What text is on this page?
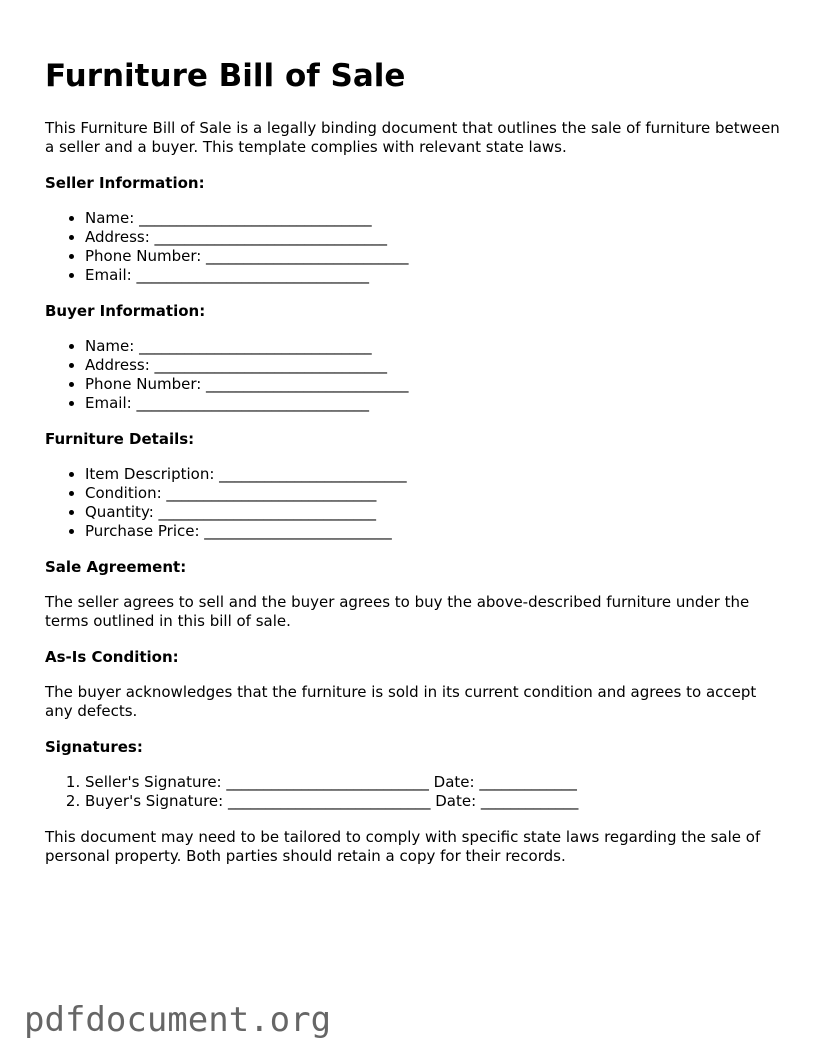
Furniture Bill of Sale

This Furniture Bill of Sale is a legally binding document that outlines the sale of furniture between a seller and a buyer. This template complies with relevant state laws.

Seller Information:
• Name: _______________________________
• Address: _______________________________
• Phone Number: ___________________________
• Email: _______________________________
Buyer Information:
• Name: _______________________________
• Address: _______________________________
• Phone Number: ___________________________
• Email: _______________________________
Furniture Details:
• Item Description: _________________________
• Condition: ____________________________
• Quantity: _____________________________
• Purchase Price: _________________________
Sale Agreement:

The seller agrees to sell and the buyer agrees to buy the above-described furniture under the terms outlined in this bill of sale.

As-Is Condition:

The buyer acknowledges that the furniture is sold in its current condition and agrees to accept any defects.

Signatures:
1. Seller's Signature: ___________________________ Date: _____________
2. Buyer's Signature: ___________________________ Date: _____________

This document may need to be tailored to comply with specific state laws regarding the sale of personal property. Both parties should retain a copy for their records.

pdfdocument.org
